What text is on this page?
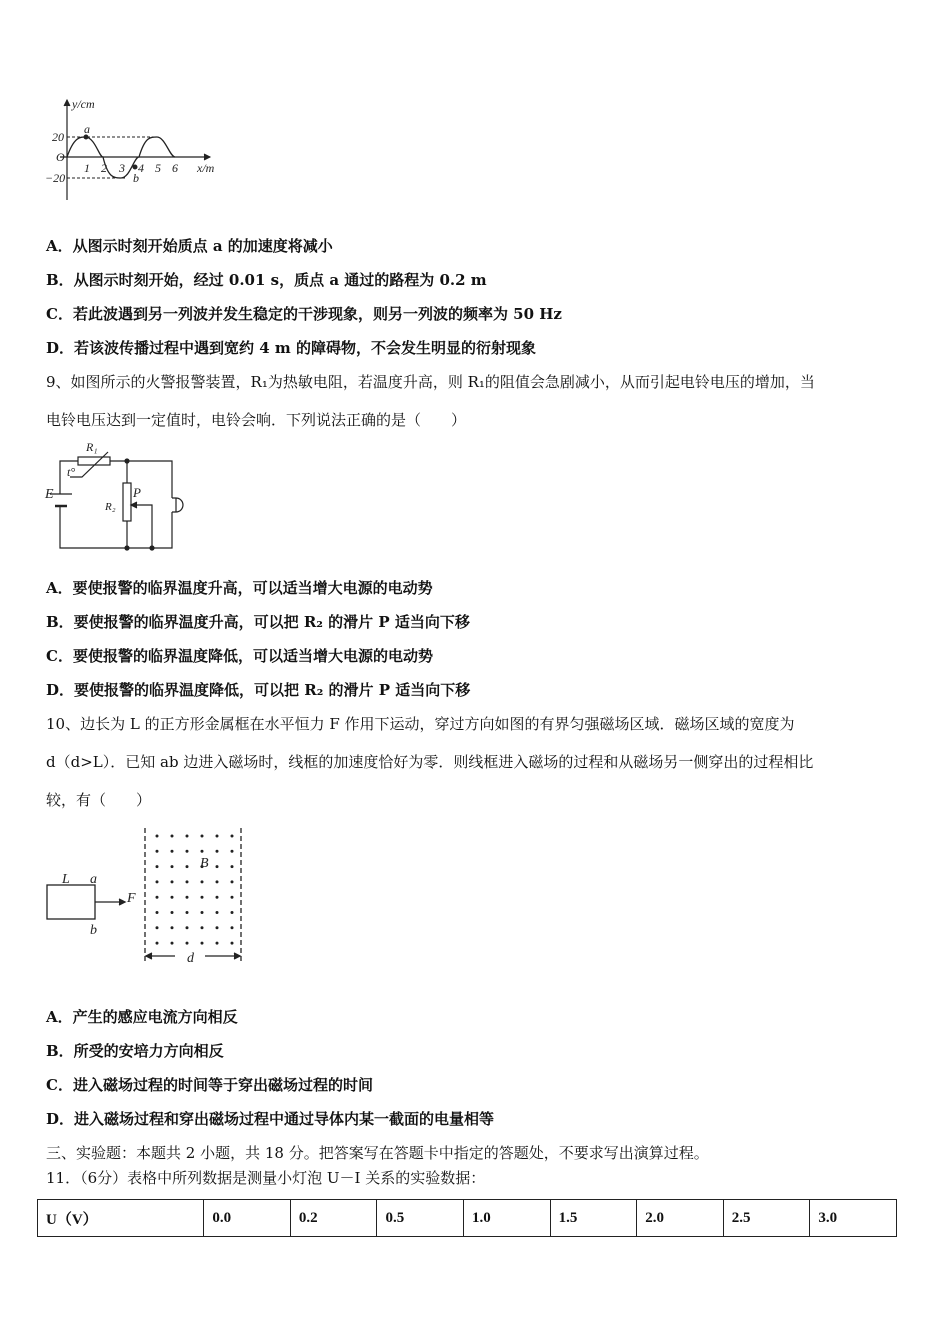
y/cm
x/m
20
O
−20
1 2 3 4 5 6
a
b
R₁
t°
E
R₂
P
L a
b
F
B
d
A．从图示时刻开始质点 a 的加速度将减小
B．从图示时刻开始，经过 0.01 s，质点 a 通过的路程为 0.2 m
C．若此波遇到另一列波并发生稳定的干涉现象，则另一列波的频率为 50 Hz
D．若该波传播过程中遇到宽约 4 m 的障碍物，不会发生明显的衍射现象
9、如图所示的火警报警装置，R₁为热敏电阻，若温度升高，则 R₁的阻值会急剧减小，从而引起电铃电压的增加，当
电铃电压达到一定值时，电铃会响．下列说法正确的是（　　）
A．要使报警的临界温度升高，可以适当增大电源的电动势
B．要使报警的临界温度升高，可以把 R₂ 的滑片 P 适当向下移
C．要使报警的临界温度降低，可以适当增大电源的电动势
D．要使报警的临界温度降低，可以把 R₂ 的滑片 P 适当向下移
10、边长为 L 的正方形金属框在水平恒力 F 作用下运动，穿过方向如图的有界匀强磁场区域．磁场区域的宽度为
d（d>L）．已知 ab 边进入磁场时，线框的加速度恰好为零．则线框进入磁场的过程和从磁场另一侧穿出的过程相比
较，有（　　）
A．产生的感应电流方向相反
B．所受的安培力方向相反
C．进入磁场过程的时间等于穿出磁场过程的时间
D．进入磁场过程和穿出磁场过程中通过导体内某一截面的电量相等
三、实验题：本题共 2 小题，共 18 分。把答案写在答题卡中指定的答题处，不要求写出演算过程。
11．（6分）表格中所列数据是测量小灯泡 U－I 关系的实验数据：
U（V）	0.0	0.2	0.5	1.0	1.5	2.0	2.5	3.0
